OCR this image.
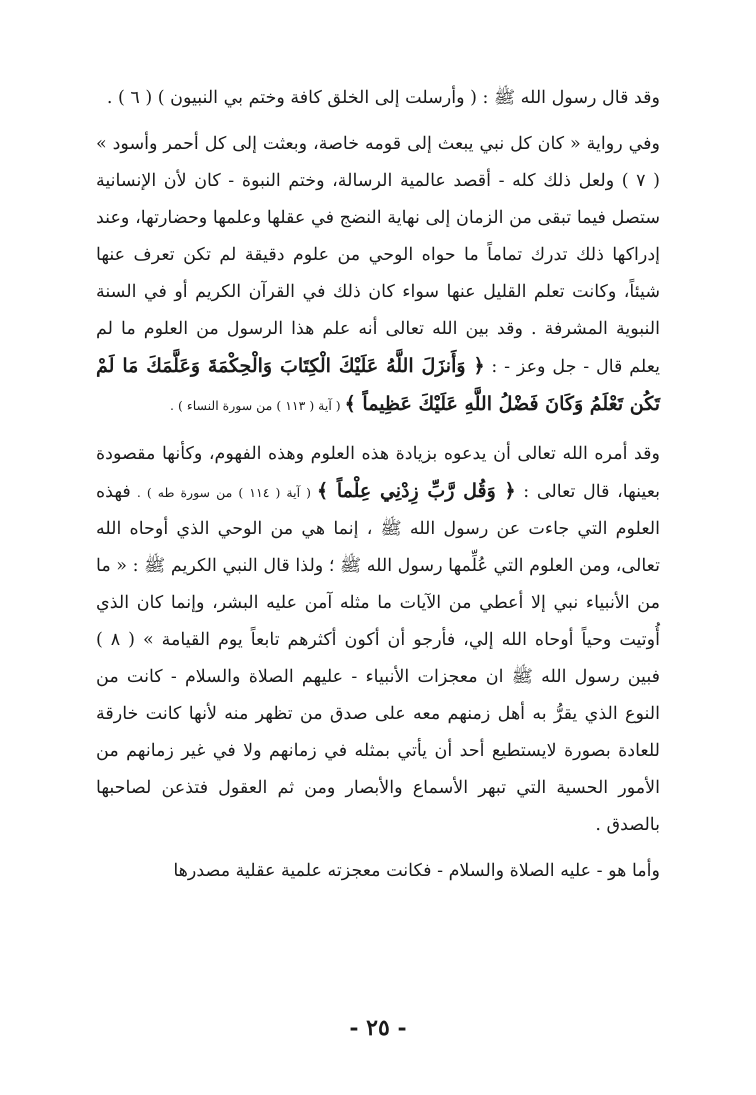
وقد قال رسول الله ﷺ : ( وأرسلت إلى الخلق كافة وختم بي النبيون ) ( ٦ ) .

وفي رواية « كان كل نبي يبعث إلى قومه خاصة، وبعثت إلى كل أحمر وأسود » ( ٧ ) ولعل ذلك كله - أقصد عالمية الرسالة، وختم النبوة - كان لأن الإنسانية ستصل فيما تبقى من الزمان إلى نهاية النضج في عقلها وعلمها وحضارتها، وعند إدراكها ذلك تدرك تماماً ما حواه الوحي من علوم دقيقة لم تكن تعرف عنها شيئاً، وكانت تعلم القليل عنها سواء كان ذلك في القرآن الكريم أو في السنة النبوية المشرفة . وقد بين الله تعالى أنه علم هذا الرسول من العلوم ما لم يعلم قال - جل وعز - : ﴿ وَأَنزَلَ اللَّهُ عَلَيْكَ الْكِتَابَ وَالْحِكْمَةَ وَعَلَّمَكَ مَا لَمْ تَكُن تَعْلَمُ وَكَانَ فَضْلُ اللَّهِ عَلَيْكَ عَظِيماً ﴾ ( آية ( ١١٣ ) من سورة النساء ) .

وقد أمره الله تعالى أن يدعوه بزيادة هذه العلوم وهذه الفهوم، وكأنها مقصودة بعينها، قال تعالى : ﴿ وَقُل رَّبِّ زِدْنِي عِلْماً ﴾ ( آية ( ١١٤ ) من سورة طه ) . فهذه العلوم التي جاءت عن رسول الله ﷺ ، إنما هي من الوحي الذي أوحاه الله تعالى، ومن العلوم التي عُلِّمها رسول الله ﷺ ؛ ولذا قال النبي الكريم ﷺ : « ما من الأنبياء نبي إلا أعطي من الآيات ما مثله آمن عليه البشر، وإنما كان الذي أُوتيت وحياً أوحاه الله إلي، فأرجو أن أكون أكثرهم تابعاً يوم القيامة » ( ٨ ) فبين رسول الله ﷺ ان معجزات الأنبياء - عليهم الصلاة والسلام - كانت من النوع الذي يقرُّ به أهل زمنهم معه على صدق من تظهر منه لأنها كانت خارقة للعادة بصورة لايستطيع أحد أن يأتي بمثله في زمانهم ولا في غير زمانهم من الأمور الحسية التي تبهر الأسماع والأبصار ومن ثم العقول فتذعن لصاحبها بالصدق .

وأما هو - عليه الصلاة والسلام - فكانت معجزته علمية عقلية مصدرها

- ٢٥ -
